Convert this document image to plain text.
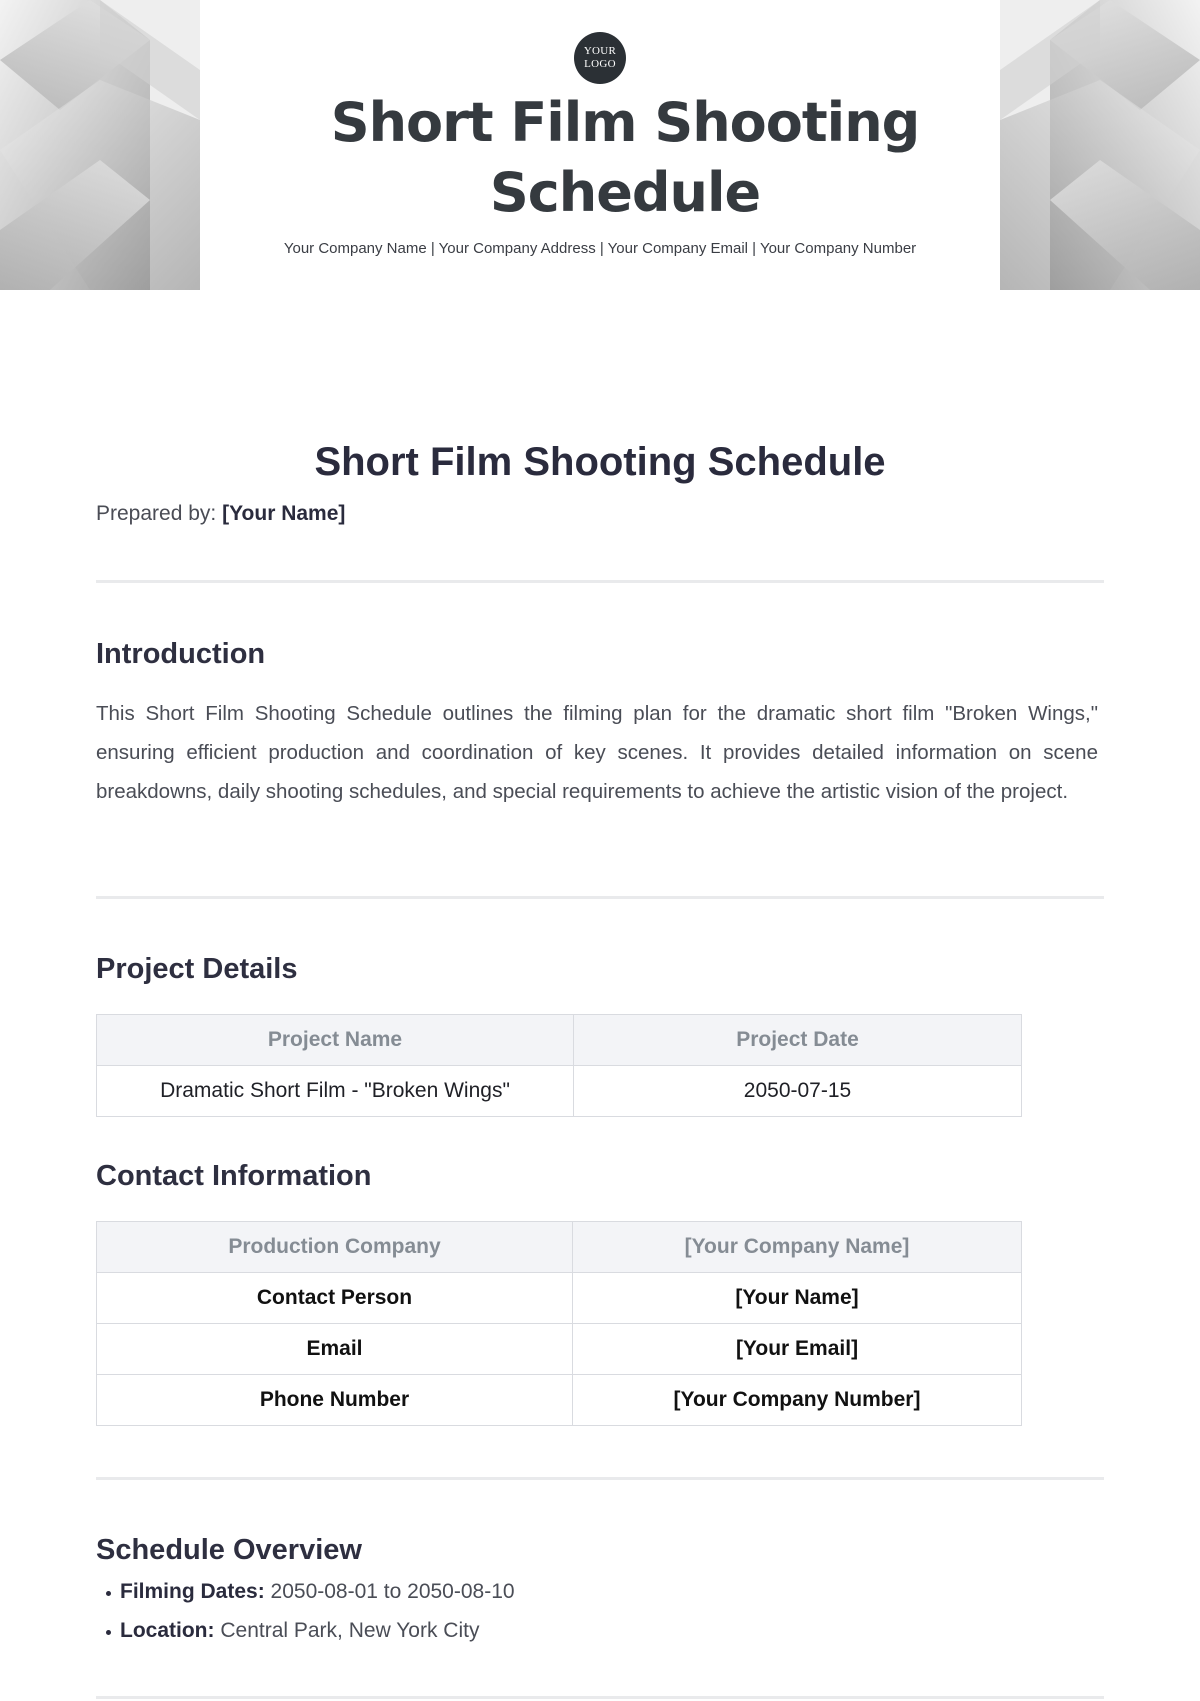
YOUR LOGO
Short Film Shooting Schedule
Your Company Name | Your Company Address | Your Company Email | Your Company Number
Short Film Shooting Schedule
Prepared by: [Your Name]
Introduction

This Short Film Shooting Schedule outlines the filming plan for the dramatic short film "Broken Wings," ensuring efficient production and coordination of key scenes. It provides detailed information on scene breakdowns, daily shooting schedules, and special requirements to achieve the artistic vision of the project.

Project Details
Project Name	Project Date
Dramatic Short Film - "Broken Wings"	2050-07-15
Contact Information
Production Company	[Your Company Name]
Contact Person	[Your Name]
Email	[Your Email]
Phone Number	[Your Company Number]
Schedule Overview
Filming Dates: 2050-08-01 to 2050-08-10
Location: Central Park, New York City
